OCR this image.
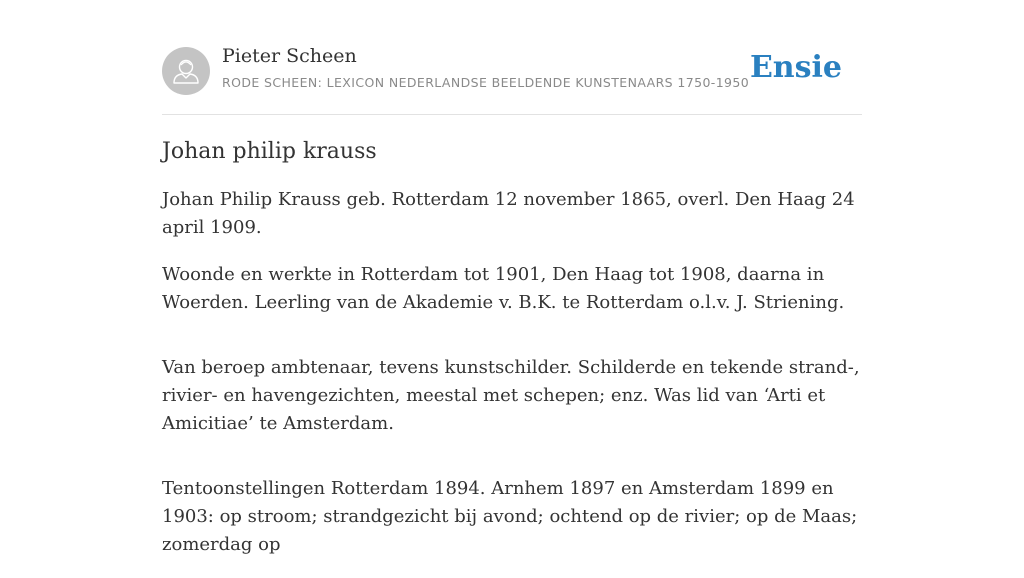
Pieter Scheen
RODE SCHEEN: LEXICON NEDERLANDSE BEELDENDE KUNSTENAARS 1750-1950 Ensie
Johan philip krauss

Johan Philip Krauss geb. Rotterdam 12 november 1865, overl. Den Haag 24 april 1909.

Woonde en werkte in Rotterdam tot 1901, Den Haag tot 1908, daarna in Woerden. Leerling van de Akademie v. B.K. te Rotterdam o.l.v. J. Striening.

Van beroep ambtenaar, tevens kunstschilder. Schilderde en tekende strand-, rivier- en havengezichten, meestal met schepen; enz. Was lid van ‘Arti et Amicitiae’ te Amsterdam.

Tentoonstellingen Rotterdam 1894. Arnhem 1897 en Amsterdam 1899 en 1903: op stroom; strandgezicht bij avond; ochtend op de rivier; op de Maas; zomerdag op
